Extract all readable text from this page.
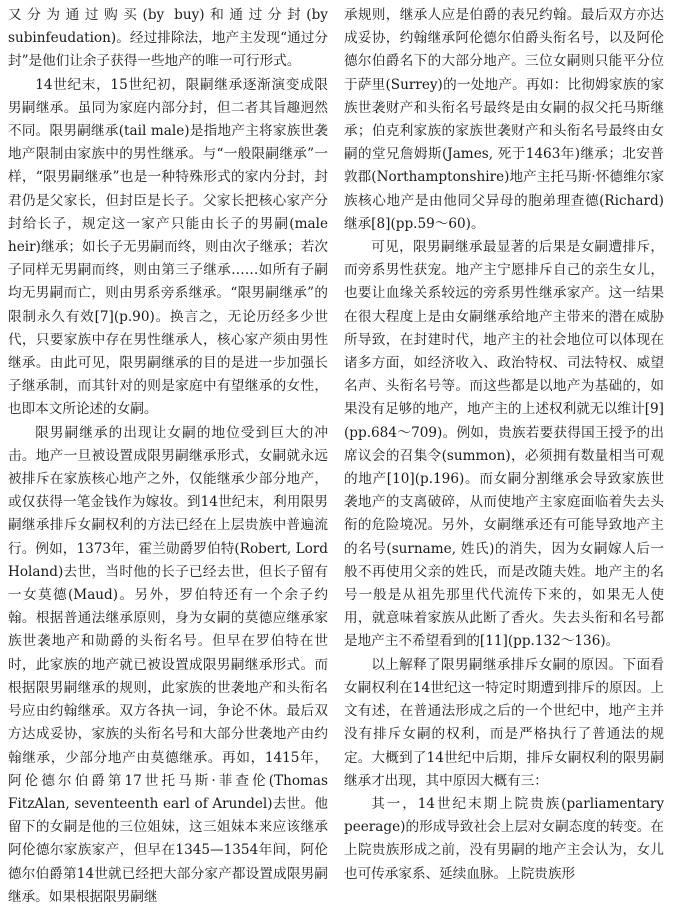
又分为通过购买(by buy)和通过分封(by subinfeudation)。经过排除法，地产主发现“通过分封”是他们让余子获得一些地产的唯一可行形式。

14世纪末，15世纪初，限嗣继承逐渐演变成限男嗣继承。虽同为家庭内部分封，但二者其旨趣迥然不同。限男嗣继承(tail male)是指地产主将家族世袭地产限制由家族中的男性继承。与“一般限嗣继承”一样，“限男嗣继承”也是一种特殊形式的家内分封，封君仍是父家长，但封臣是长子。父家长把核心家产分封给长子，规定这一家产只能由长子的男嗣(male heir)继承；如长子无男嗣而终，则由次子继承；若次子同样无男嗣而终，则由第三子继承……如所有子嗣均无男嗣而亡，则由男系旁系继承。“限男嗣继承”的限制永久有效[7](p.90)。换言之，无论历经多少世代，只要家族中存在男性继承人，核心家产须由男性继承。由此可见，限男嗣继承的目的是进一步加强长子继承制，而其针对的则是家庭中有望继承的女性，也即本文所论述的女嗣。

限男嗣继承的出现让女嗣的地位受到巨大的冲击。地产一旦被设置成限男嗣继承形式，女嗣就永远被排斥在家族核心地产之外，仅能继承少部分地产，或仅获得一笔金钱作为嫁妆。到14世纪末，利用限男嗣继承排斥女嗣权利的方法已经在上层贵族中普遍流行。例如，1373年，霍兰勋爵罗伯特(Robert, Lord Holand)去世，当时他的长子已经去世，但长子留有一女莫德(Maud)。另外，罗伯特还有一个余子约翰。根据普通法继承原则，身为女嗣的莫德应继承家族世袭地产和勋爵的头衔名号。但早在罗伯特在世时，此家族的地产就已被设置成限男嗣继承形式。而根据限男嗣继承的规则，此家族的世袭地产和头衔名号应由约翰继承。双方各执一词，争论不休。最后双方达成妥协，家族的头衔名号和大部分世袭地产由约翰继承，少部分地产由莫德继承。再如，1415年，阿伦德尔伯爵第17世托马斯·菲查伦(Thomas FitzAlan, seventeenth earl of Arundel)去世。他留下的女嗣是他的三位姐妹，这三姐妹本来应该继承阿伦德尔家族家产，但早在1345—1354年间，阿伦德尔伯爵第14世就已经把大部分家产都设置成限男嗣继承。如果根据限男嗣继

承规则，继承人应是伯爵的表兄约翰。最后双方亦达成妥协，约翰继承阿伦德尔伯爵头衔名号，以及阿伦德尔伯爵名下的大部分地产。三位女嗣则只能平分位于萨里(Surrey)的一处地产。再如：比彻姆家族的家族世袭财产和头衔名号最终是由女嗣的叔父托马斯继承；伯克利家族的家族世袭财产和头衔名号最终由女嗣的堂兄詹姆斯(James, 死于1463年)继承；北安普敦郡(Northamptonshire)地产主托马斯·怀德维尔家族核心地产是由他同父异母的胞弟理查德(Richard)继承[8](pp.59～60)。

可见，限男嗣继承最显著的后果是女嗣遭排斥，而旁系男性获宠。地产主宁愿排斥自己的亲生女儿，也要让血缘关系较远的旁系男性继承家产。这一结果在很大程度上是由女嗣继承给地产主带来的潜在威胁所导致，在封建时代，地产主的社会地位可以体现在诸多方面，如经济收入、政治特权、司法特权、威望名声、头衔名号等。而这些都是以地产为基础的，如果没有足够的地产，地产主的上述权利就无以维计[9](pp.684～709)。例如，贵族若要获得国王授予的出席议会的召集令(summon)，必须拥有数量相当可观的地产[10](p.196)。而女嗣分割继承会导致家族世袭地产的支离破碎，从而使地产主家庭面临着失去头衔的危险境况。另外，女嗣继承还有可能导致地产主的名号(surname, 姓氏)的消失，因为女嗣嫁人后一般不再使用父亲的姓氏，而是改随夫姓。地产主的名号一般是从祖先那里代代流传下来的，如果无人使用，就意味着家族从此断了香火。失去头衔和名号都是地产主不希望看到的[11](pp.132～136)。

以上解释了限男嗣继承排斥女嗣的原因。下面看女嗣权利在14世纪这一特定时期遭到排斥的原因。上文有述，在普通法形成之后的一个世纪中，地产主并没有排斥女嗣的权利，而是严格执行了普通法的规定。大概到了14世纪中后期，排斥女嗣权利的限男嗣继承才出现，其中原因大概有三：

其一，14世纪末期上院贵族(parliamentary peerage)的形成导致社会上层对女嗣态度的转变。在上院贵族形成之前，没有男嗣的地产主会认为，女儿也可传承家系、延续血脉。上院贵族形
